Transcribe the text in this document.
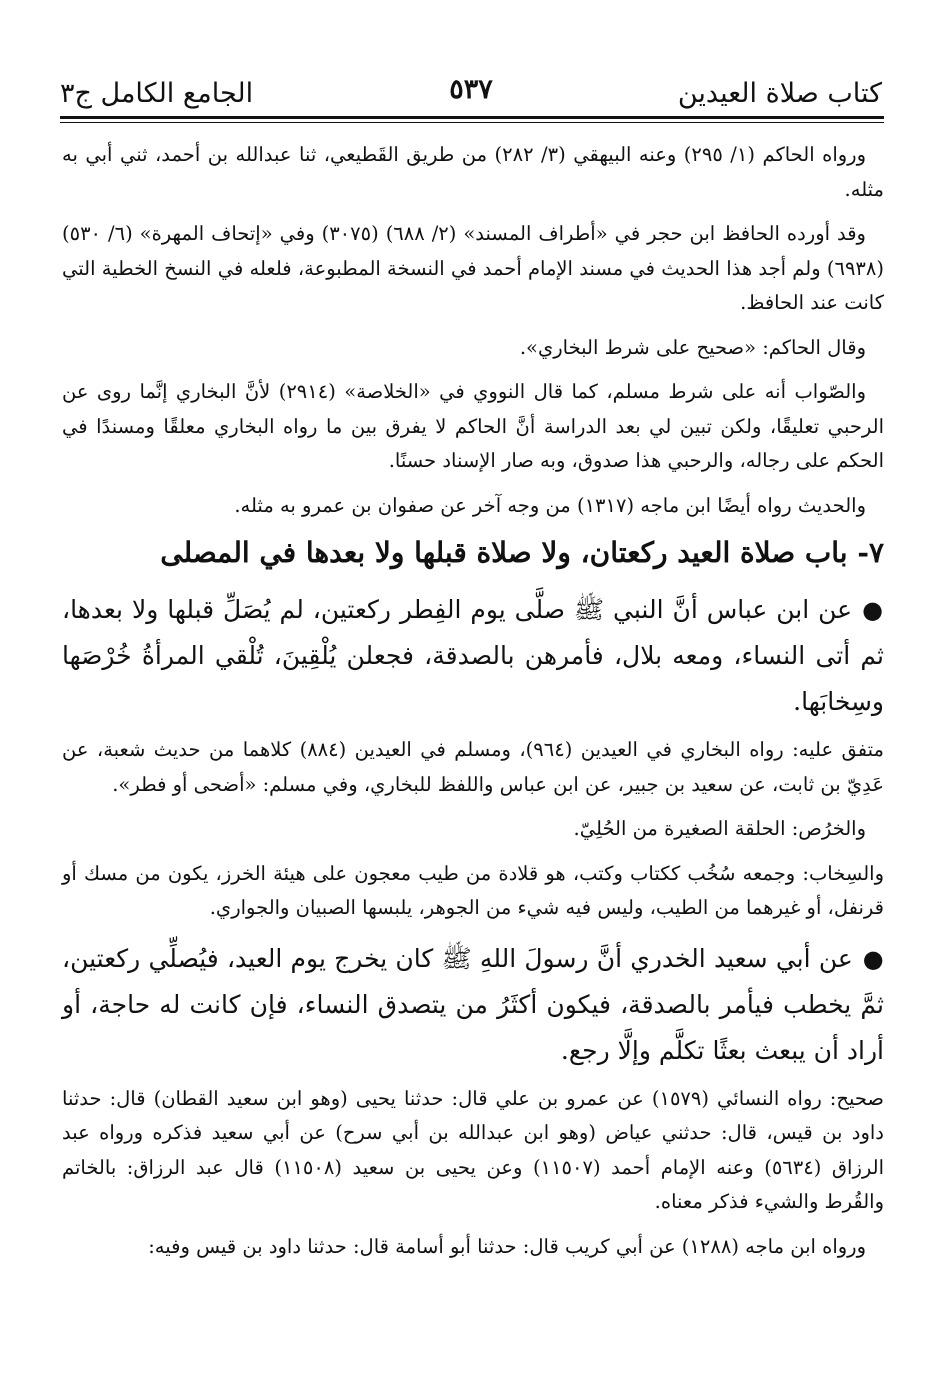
كتاب صلاة العيدين
٥٣٧
الجامع الكامل ج٣

ورواه الحاكم (١/ ٢٩٥) وعنه البيهقي (٣/ ٢٨٢) من طريق القَطيعي، ثنا عبدالله بن أحمد، ثني أبي به مثله.

وقد أورده الحافظ ابن حجر في «أطراف المسند» (٢/ ٦٨٨) (٣٠٧٥) وفي «إتحاف المهرة» (٦/ ٥٣٠) (٦٩٣٨) ولم أجد هذا الحديث في مسند الإمام أحمد في النسخة المطبوعة، فلعله في النسخ الخطية التي كانت عند الحافظ.

وقال الحاكم: «صحيح على شرط البخاري».

والصّواب أنه على شرط مسلم، كما قال النووي في «الخلاصة» (٢٩١٤) لأنَّ البخاري إنَّما روى عن الرحبي تعليقًا، ولكن تبين لي بعد الدراسة أنَّ الحاكم لا يفرق بين ما رواه البخاري معلقًا ومسندًا في الحكم على رجاله، والرحبي هذا صدوق، وبه صار الإسناد حسنًا.

والحديث رواه أيضًا ابن ماجه (١٣١٧) من وجه آخر عن صفوان بن عمرو به مثله.

٧- باب صلاة العيد ركعتان، ولا صلاة قبلها ولا بعدها في المصلى

●عن ابن عباس أنَّ النبي ﷺ صلَّى يوم الفِطر ركعتين، لم يُصَلِّ قبلها ولا بعدها، ثم أتى النساء، ومعه بلال، فأمرهن بالصدقة، فجعلن يُلْقِينَ، تُلْقي المرأةُ خُرْصَها وسِخابَها.

متفق عليه: رواه البخاري في العيدين (٩٦٤)، ومسلم في العيدين (٨٨٤) كلاهما من حديث شعبة، عن عَدِيّ بن ثابت، عن سعيد بن جبير، عن ابن عباس واللفظ للبخاري، وفي مسلم: «أضحى أو فطر».

والخرُص: الحلقة الصغيرة من الحُلِيّ.

والسِخاب: وجمعه سُخُب ككتاب وكتب، هو قلادة من طيب معجون على هيئة الخرز، يكون من مسك أو قرنفل، أو غيرهما من الطيب، وليس فيه شيء من الجوهر، يلبسها الصبيان والجواري.

●عن أبي سعيد الخدري أنَّ رسولَ اللهِ ﷺ كان يخرج يوم العيد، فيُصلِّي ركعتين، ثمَّ يخطب فيأمر بالصدقة، فيكون أكثَرُ من يتصدق النساء، فإن كانت له حاجة، أو أراد أن يبعث بعثًا تكلَّم وإلَّا رجع.

صحيح: رواه النسائي (١٥٧٩) عن عمرو بن علي قال: حدثنا يحيى (وهو ابن سعيد القطان) قال: حدثنا داود بن قيس، قال: حدثني عياض (وهو ابن عبدالله بن أبي سرح) عن أبي سعيد فذكره ورواه عبد الرزاق (٥٦٣٤) وعنه الإمام أحمد (١١٥٠٧) وعن يحيى بن سعيد (١١٥٠٨) قال عبد الرزاق: بالخاتم والقُرط والشيء فذكر معناه.

ورواه ابن ماجه (١٢٨٨) عن أبي كريب قال: حدثنا أبو أسامة قال: حدثنا داود بن قيس وفيه:
